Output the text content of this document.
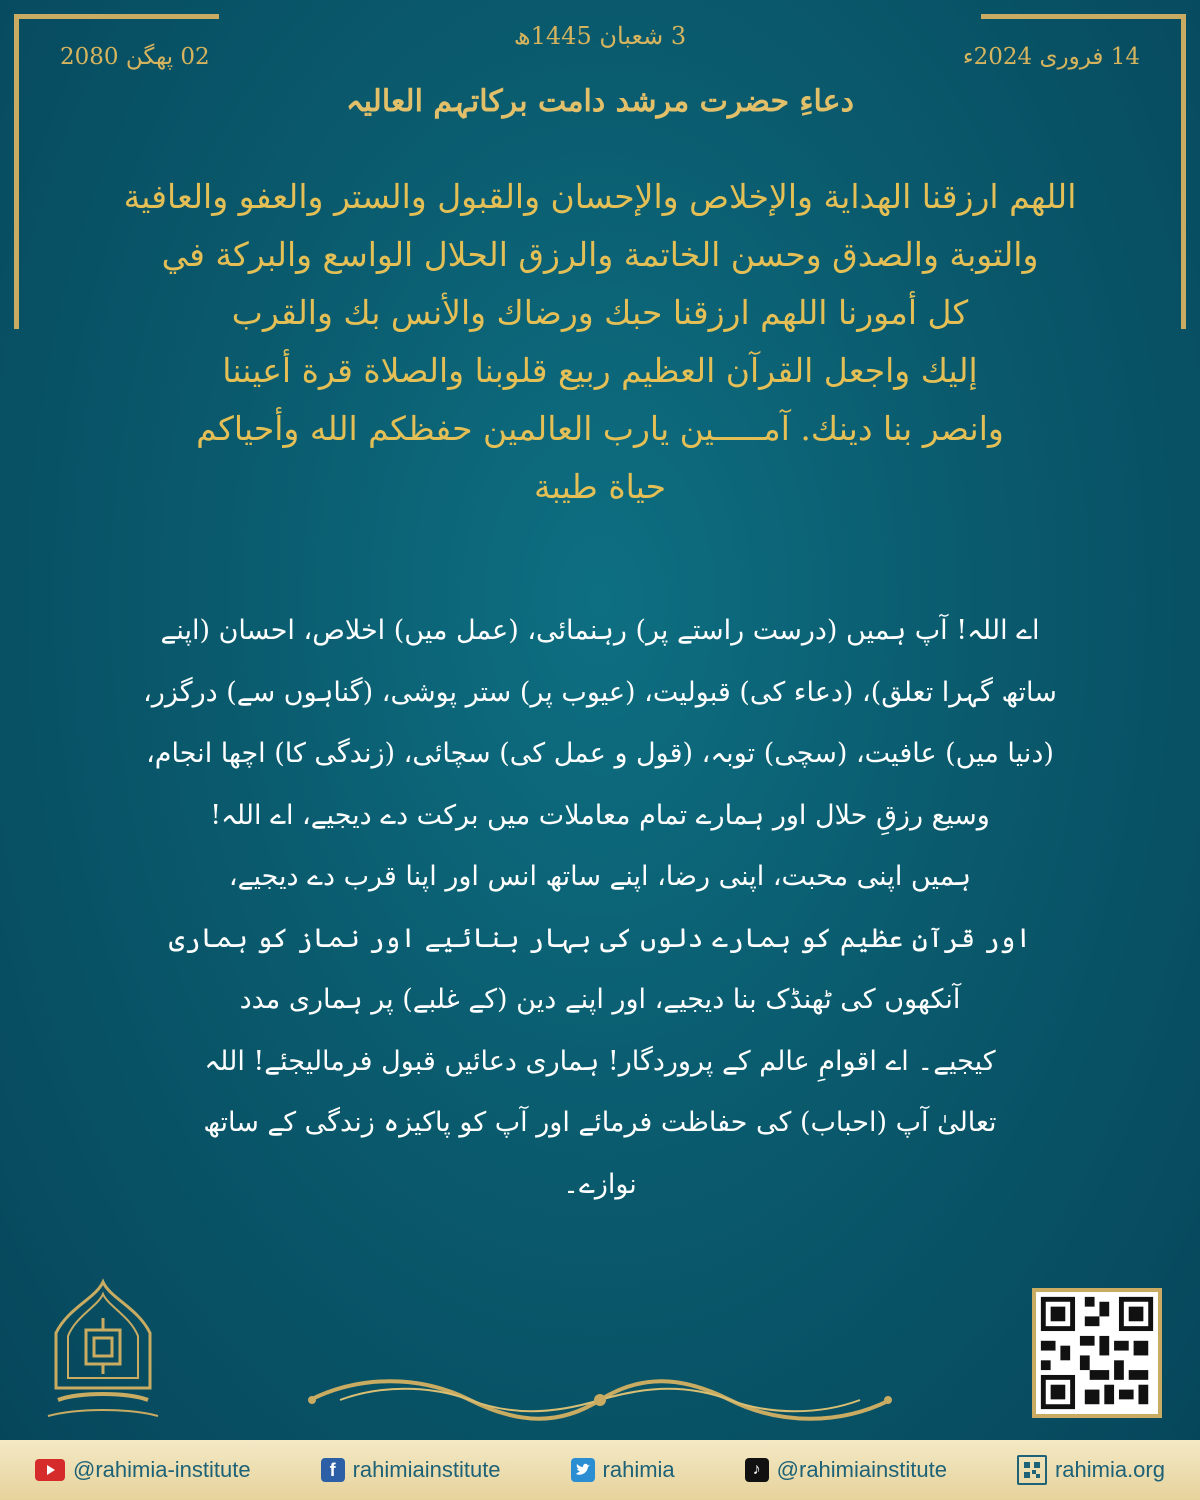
3 شعبان 1445ھ
02 پھگن 2080	14 فروری 2024ء
دعاءِ حضرت مرشد دامت برکاتہم العالیہ

اللهم ارزقنا الهداية والإخلاص والإحسان والقبول والستر والعفو والعافية

والتوبة والصدق وحسن الخاتمة والرزق الحلال الواسع والبركة في

كل أمورنا اللهم ارزقنا حبك ورضاك والأنس بك والقرب

إليك واجعل القرآن العظيم ربيع قلوبنا والصلاة قرة أعيننا

وانصر بنا دينك. آمـــــين يارب العالمين حفظكم الله وأحياكم

حياة طيبة

اے اللہ! آپ ہمیں (درست راستے پر) رہنمائی، (عمل میں) اخلاص، احسان (اپنے

ساتھ گہرا تعلق)، (دعاء کی) قبولیت، (عیوب پر) ستر پوشی، (گناہوں سے) درگزر،

(دنیا میں) عافیت، (سچی) توبہ، (قول و عمل کی) سچائی، (زندگی کا) اچھا انجام،

وسیع رزقِ حلال اور ہمارے تمام معاملات میں برکت دے دیجیے، اے اللہ!

ہمیں اپنی محبت، اپنی رضا، اپنے ساتھ انس اور اپنا قرب دے دیجیے،

اور قرآنِ عظیم کو ہمارے دلوں کی بہار بنائیے اور نماز کو ہماری

آنکھوں کی ٹھنڈک بنا دیجیے، اور اپنے دین (کے غلبے) پر ہماری مدد

کیجیے۔ اے اقوامِ عالم کے پروردگار! ہماری دعائیں قبول فرمالیجئے! اللہ

تعالیٰ آپ (احباب) کی حفاظت فرمائے اور آپ کو پاکیزہ زندگی کے ساتھ

نوازے۔

@rahimia-institute	f rahimiainstitute	rahimia	♪ @rahimiainstitute	rahimia.org
